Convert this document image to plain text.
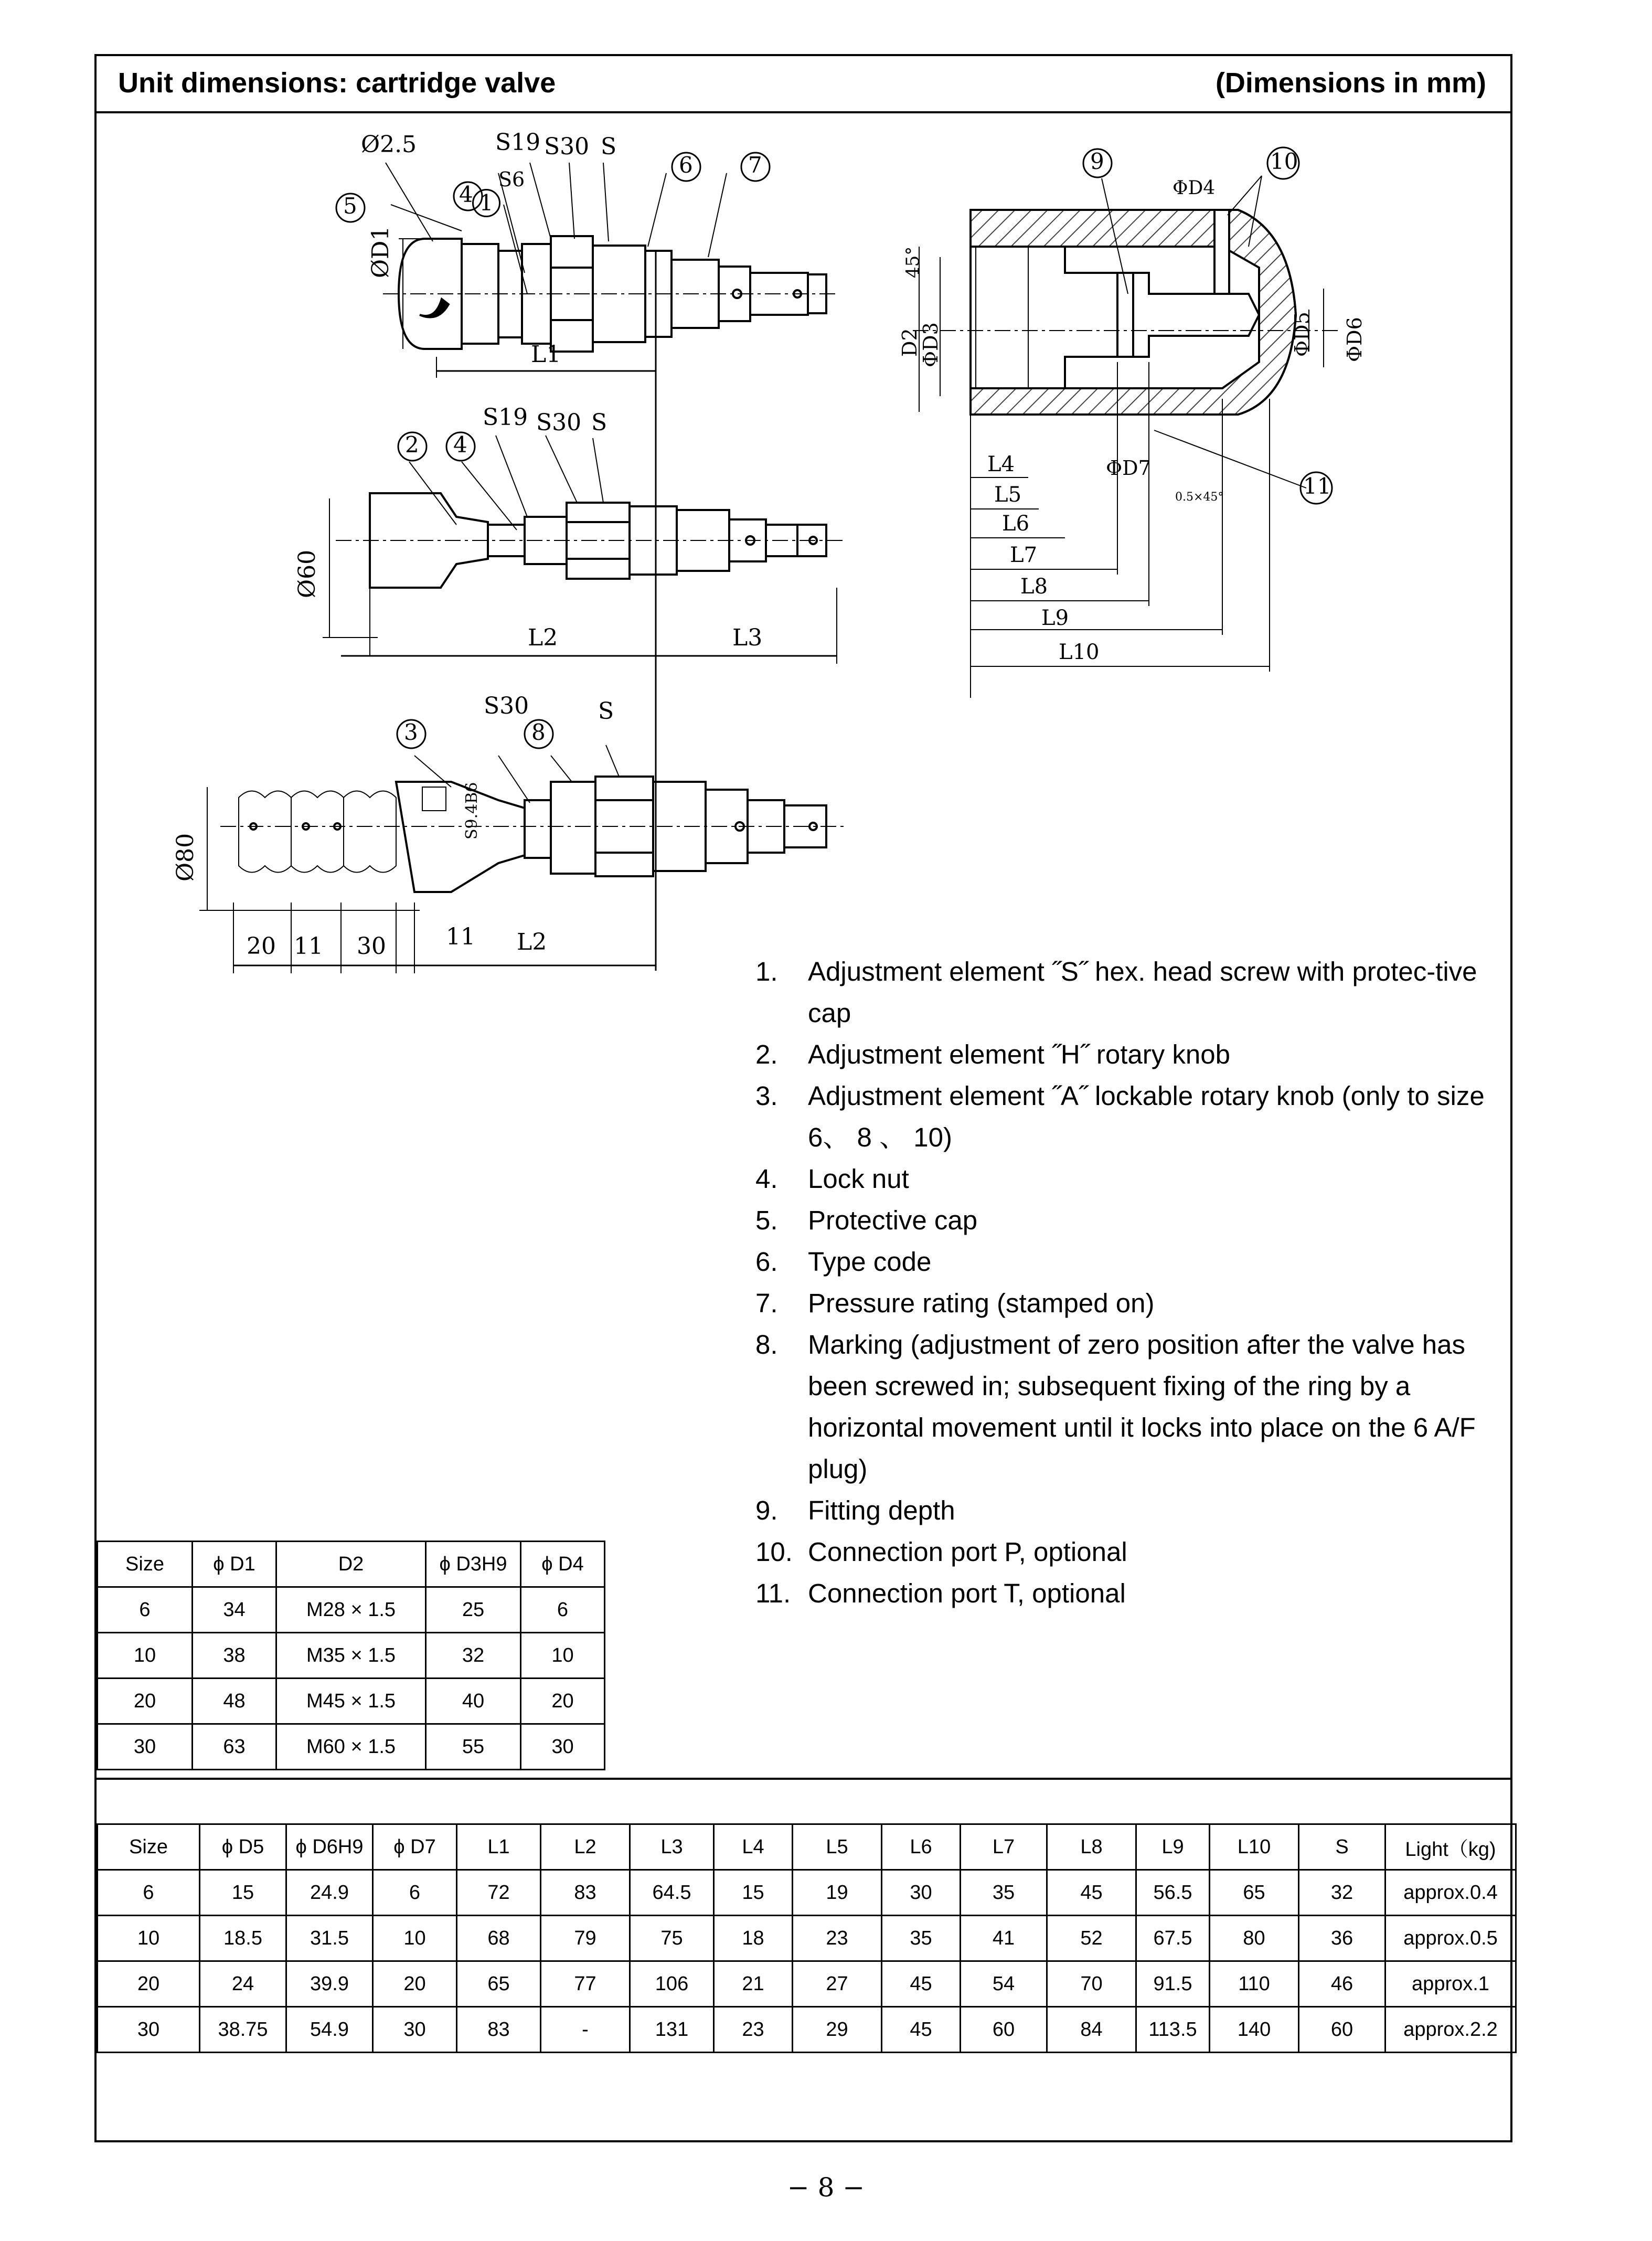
Unit dimensions: cartridge valve	(Dimensions in mm)
Ø2.5	S19 S30 S
S6
ØD1
L1
S19 S30 S
Ø60
L2	L3
S30	S
S9.4B6
Ø80
20 11 30	11 L2
ΦD4
45°
D2
ΦD3	ΦD5 ΦD6
ΦD7
0.5×45°
L4
L5
L6
L7
L8
L9
L10
4
5
6	7
2 4
3	8
9	10
11
1
1. Adjustment element ˝S˝ hex. head screw with protec-tive cap
2. Adjustment element ˝H˝ rotary knob
3. Adjustment element ˝A˝ lockable rotary knob (only to size 6、 8 、 10)
4. Lock nut
5. Protective cap
6. Type code
7. Pressure rating (stamped on)
8. Marking (adjustment of zero position after the valve has been screwed in; subsequent fixing of the ring by a horizontal movement until it locks into place on the 6 A/F plug)
9. Fitting depth
10. Connection port P, optional
11. Connection port T, optional
Size	ϕ D1	D2	ϕ D3H9	ϕ D4
6	34	M28 × 1.5	25	6
10	38	M35 × 1.5	32	10
20	48	M45 × 1.5	40	20
30	63	M60 × 1.5	55	30
Size	ϕ D5	ϕ D6H9	ϕ D7	L1	L2	L3	L4	L5	L6	L7	L8	L9	L10	S	Light（kg)
6	15	24.9	6	72	83	64.5	15	19	30	35	45	56.5	65	32	approx.0.4
10	18.5	31.5	10	68	79	75	18	23	35	41	52	67.5	80	36	approx.0.5
20	24	39.9	20	65	77	106	21	27	45	54	70	91.5	110	46	approx.1
30	38.75	54.9	30	83	-	131	23	29	45	60	84	113.5	140	60	approx.2.2
− 8 −
